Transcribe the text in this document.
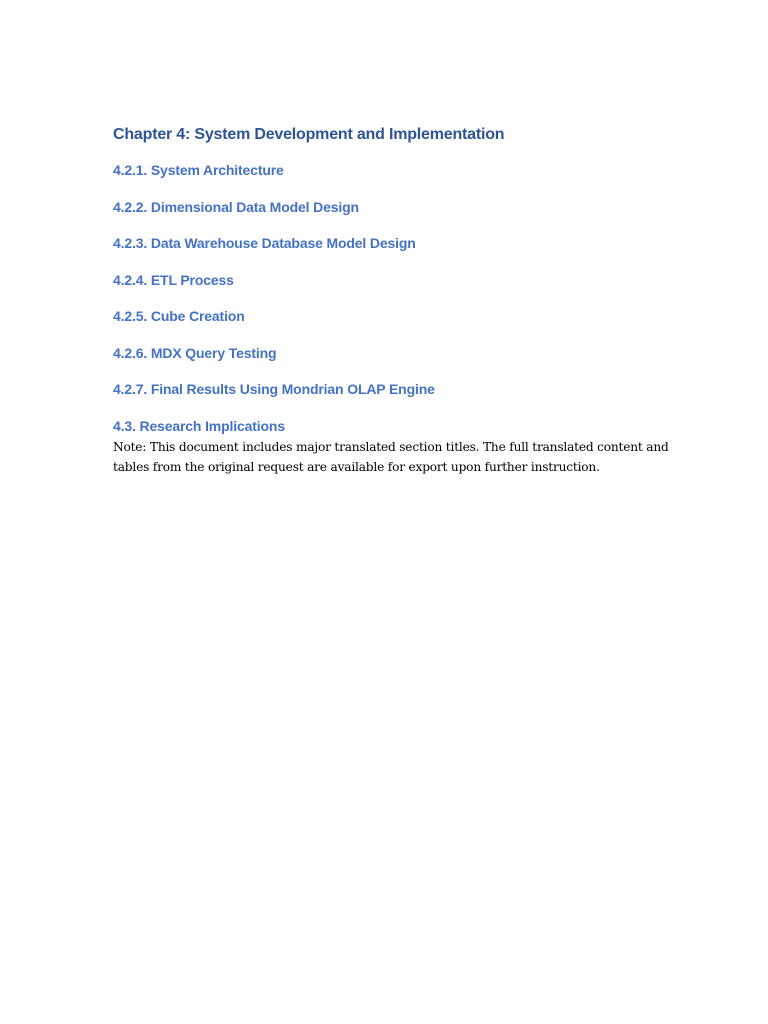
Chapter 4: System Development and Implementation
4.2.1. System Architecture
4.2.2. Dimensional Data Model Design
4.2.3. Data Warehouse Database Model Design
4.2.4. ETL Process
4.2.5. Cube Creation
4.2.6. MDX Query Testing
4.2.7. Final Results Using Mondrian OLAP Engine
4.3. Research Implications

Note: This document includes major translated section titles. The full translated content and tables from the original request are available for export upon further instruction.
